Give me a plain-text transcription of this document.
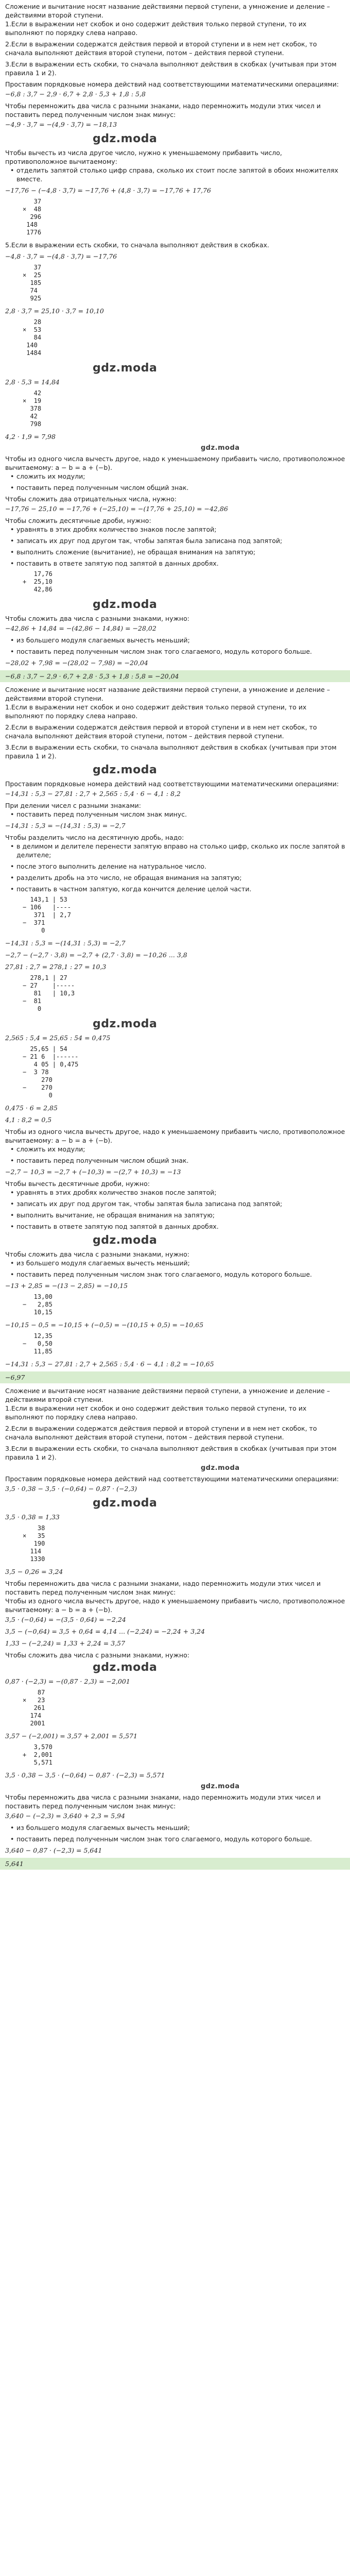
Сложение и вычитание носят название действиями первой ступени, а умножение и деление – действиями второй ступени.
1.Если в выражении нет скобок и оно содержит действия только первой ступени, то их выполняют по порядку слева направо.
2.Если в выражении содержатся действия первой и второй ступени и в нем нет скобок, то сначала выполняют действия второй ступени, потом – действия первой ступени.
3.Если в выражении есть скобки, то сначала выполняют действия в скобках (учитывая при этом правила 1 и 2).
Проставим порядковые номера действий над соответствующими математическими операциями:
−6,8 : 3,7 − 2,9 · 6,7 + 2,8 · 5,3 + 1,8 : 5,8
Чтобы перемножить два числа с разными знаками, надо перемножить модули этих чисел и поставить перед полученным числом знак минус:
−4,9 · 3,7 = −(4,9 · 3,7) = −18,13
gdz.moda
Чтобы вычесть из числа другое число, нужно к уменьшаемому прибавить число, противоположное вычитаемому:
• отделить запятой столько цифр справа, сколько их стоит после запятой в обоих множителях вместе.
−17,76 − (−4,8 · 3,7) = −17,76 + (4,8 · 3,7) = −17,76 + 17,76
37
×  48
296
148
1776
5.Если в выражении есть скобки, то сначала выполняют действия в скобках.
−4,8 · 3,7 = −(4,8 · 3,7) = −17,76
37
×  25
185
74
925
2,8 · 3,7 = 25,10 · 3,7 = 10,10
28
×  53
84
140
1484
gdz.moda
2,8 · 5,3 = 14,84
42
×  19
378
42
798
4,2 · 1,9 = 7,98
gdz.moda
Чтобы из одного числа вычесть другое, надо к уменьшаемому прибавить число, противоположное вычитаемому: a − b = a + (−b).
• сложить их модули;
• поставить перед полученным числом общий знак.
Чтобы сложить два отрицательных числа, нужно:
−17,76 − 25,10 = −17,76 + (−25,10) = −(17,76 + 25,10) = −42,86
Чтобы сложить десятичные дроби, нужно:
• уравнять в этих дробях количество знаков после запятой;
• записать их друг под другом так, чтобы запятая была записана под запятой;
• выполнить сложение (вычитание), не обращая внимания на запятую;
• поставить в ответе запятую под запятой в данных дробях.
17,76
+  25,10
42,86
gdz.moda
Чтобы сложить два числа с разными знаками, нужно:
−42,86 + 14,84 = −(42,86 − 14,84) = −28,02
• из большего модуля слагаемых вычесть меньший;
• поставить перед полученным числом знак того слагаемого, модуль которого больше.
−28,02 + 7,98 = −(28,02 − 7,98) = −20,04
−6,8 : 3,7 − 2,9 · 6,7 + 2,8 · 5,3 + 1,8 : 5,8 = −20,04
Сложение и вычитание носят название действиями первой ступени, а умножение и деление – действиями второй ступени.
1.Если в выражении нет скобок и оно содержит действия только первой ступени, то их выполняют по порядку слева направо.
2.Если в выражении содержатся действия первой и второй ступени и в нем нет скобок, то сначала выполняют действия второй ступени, потом – действия первой ступени.
3.Если в выражении есть скобки, то сначала выполняют действия в скобках (учитывая при этом правила 1 и 2).
gdz.moda
Проставим порядковые номера действий над соответствующими математическими операциями:
−14,31 : 5,3 − 27,81 : 2,7 + 2,565 : 5,4 · 6 − 4,1 : 8,2
При делении чисел с разными знаками:
• поставить перед полученным числом знак минус.
−14,31 : 5,3 = −(14,31 : 5,3) = −2,7
Чтобы разделить число на десятичную дробь, надо:
• в делимом и делителе перенести запятую вправо на столько цифр, сколько их после запятой в делителе;
• после этого выполнить деление на натуральное число.
• разделить дробь на это число, не обращая внимания на запятую;
• поставить в частном запятую, когда кончится деление целой части.
143,1 | 53
− 106   |----
371  | 2,7
−  371
0
−14,31 : 5,3 = −(14,31 : 5,3) = −2,7
−2,7 − (−2,7 · 3,8) = −2,7 + (2,7 · 3,8) = −10,26 ... 3,8
27,81 : 2,7 = 278,1 : 27 = 10,3
278,1 | 27
− 27    |-----
81   | 10,3
−  81
0
gdz.moda
2,565 : 5,4 = 25,65 : 54 = 0,475
25,65 | 54
− 21 6  |------
4 05 | 0,475
−  3 78
270
−    270
0
0,475 · 6 = 2,85
4,1 : 8,2 = 0,5
Чтобы из одного числа вычесть другое, надо к уменьшаемому прибавить число, противоположное вычитаемому: a − b = a + (−b).
• сложить их модули;
• поставить перед полученным числом общий знак.
−2,7 − 10,3 = −2,7 + (−10,3) = −(2,7 + 10,3) = −13
Чтобы вычесть десятичные дроби, нужно:
• уравнять в этих дробях количество знаков после запятой;
• записать их друг под другом так, чтобы запятая была записана под запятой;
• выполнить вычитание, не обращая внимания на запятую;
• поставить в ответе запятую под запятой в данных дробях.
gdz.moda
Чтобы сложить два числа с разными знаками, нужно:
• из большего модуля слагаемых вычесть меньший;
• поставить перед полученным числом знак того слагаемого, модуль которого больше.
−13 + 2,85 = −(13 − 2,85) = −10,15
13,00
−   2,85
10,15
−10,15 − 0,5 = −10,15 + (−0,5) = −(10,15 + 0,5) = −10,65
12,35
−   0,50
11,85
−14,31 : 5,3 − 27,81 : 2,7 + 2,565 : 5,4 · 6 − 4,1 : 8,2 = −10,65
−6,97
Сложение и вычитание носят название действиями первой ступени, а умножение и деление – действиями второй ступени.
1.Если в выражении нет скобок и оно содержит действия только первой ступени, то их выполняют по порядку слева направо.
2.Если в выражении содержатся действия первой и второй ступени и в нем нет скобок, то сначала выполняют действия второй ступени, потом – действия первой ступени.
3.Если в выражении есть скобки, то сначала выполняют действия в скобках (учитывая при этом правила 1 и 2).
gdz.moda
Проставим порядковые номера действий над соответствующими математическими операциями:
3,5 · 0,38 − 3,5 · (−0,64) − 0,87 · (−2,3)
gdz.moda
3,5 · 0,38 = 1,33
38
×   35
190
114
1330
3,5 − 0,26 = 3,24
Чтобы перемножить два числа с разными знаками, надо перемножить модули этих чисел и поставить перед полученным числом знак минус:
Чтобы из одного числа вычесть другое, надо к уменьшаемому прибавить число, противоположное вычитаемому: a − b = a + (−b).
3,5 · (−0,64) = −(3,5 · 0,64) = −2,24
3,5 − (−0,64) = 3,5 + 0,64 = 4,14 ... (−2,24) = −2,24 + 3,24
1,33 − (−2,24) = 1,33 + 2,24 = 3,57
Чтобы сложить два числа с разными знаками, нужно:
gdz.moda
0,87 · (−2,3) = −(0,87 · 2,3) = −2,001
87
×   23
261
174
2001
3,57 − (−2,001) = 3,57 + 2,001 = 5,571
3,570
+  2,001
5,571
3,5 · 0,38 − 3,5 · (−0,64) − 0,87 · (−2,3) = 5,571
gdz.moda
Чтобы перемножить два числа с разными знаками, надо перемножить модули этих чисел и поставить перед полученным числом знак минус:
3,640 − (−2,3) = 3,640 + 2,3 = 5,94
• из большего модуля слагаемых вычесть меньший;
• поставить перед полученным числом знак того слагаемого, модуль которого больше.
3,640 − 0,87 · (−2,3) = 5,641
5,641
